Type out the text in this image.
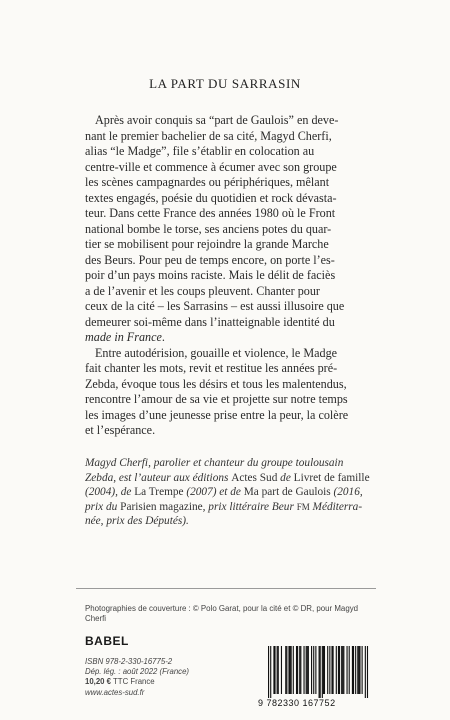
LA PART DU SARRASIN

Après avoir conquis sa “part de Gaulois” en deve-
nant le premier bachelier de sa cité, Magyd Cherfi,
alias “le Madge”, file s’établir en colocation au
centre-ville et commence à écumer avec son groupe
les scènes campagnardes ou périphériques, mêlant
textes engagés, poésie du quotidien et rock dévasta-
teur. Dans cette France des années 1980 où le Front
national bombe le torse, ses anciens potes du quar-
tier se mobilisent pour rejoindre la grande Marche
des Beurs. Pour peu de temps encore, on porte l’es-
poir d’un pays moins raciste. Mais le délit de faciès
a de l’avenir et les coups pleuvent. Chanter pour
ceux de la cité – les Sarrasins – est aussi illusoire que
demeurer soi-même dans l’inatteignable identité du
made in France.

Entre autodérision, gouaille et violence, le Madge
fait chanter les mots, revit et restitue les années pré-
Zebda, évoque tous les désirs et tous les malentendus,
rencontre l’amour de sa vie et projette sur notre temps
les images d’une jeunesse prise entre la peur, la colère
et l’espérance.

Magyd Cherfi, parolier et chanteur du groupe toulousain
Zebda, est l’auteur aux éditions Actes Sud de Livret de famille
(2004), de La Trempe (2007) et de Ma part de Gaulois (2016,
prix du Parisien magazine, prix littéraire Beur FM Méditerra-
née, prix des Députés).
Photographies de couverture : © Polo Garat, pour la cité et © DR, pour Magyd
Cherfi
BABEL
ISBN 978-2-330-16775-2
Dép. lég. : août 2022 (France)
10,20 € TTC France
www.actes-sud.fr
9 782330 167752
